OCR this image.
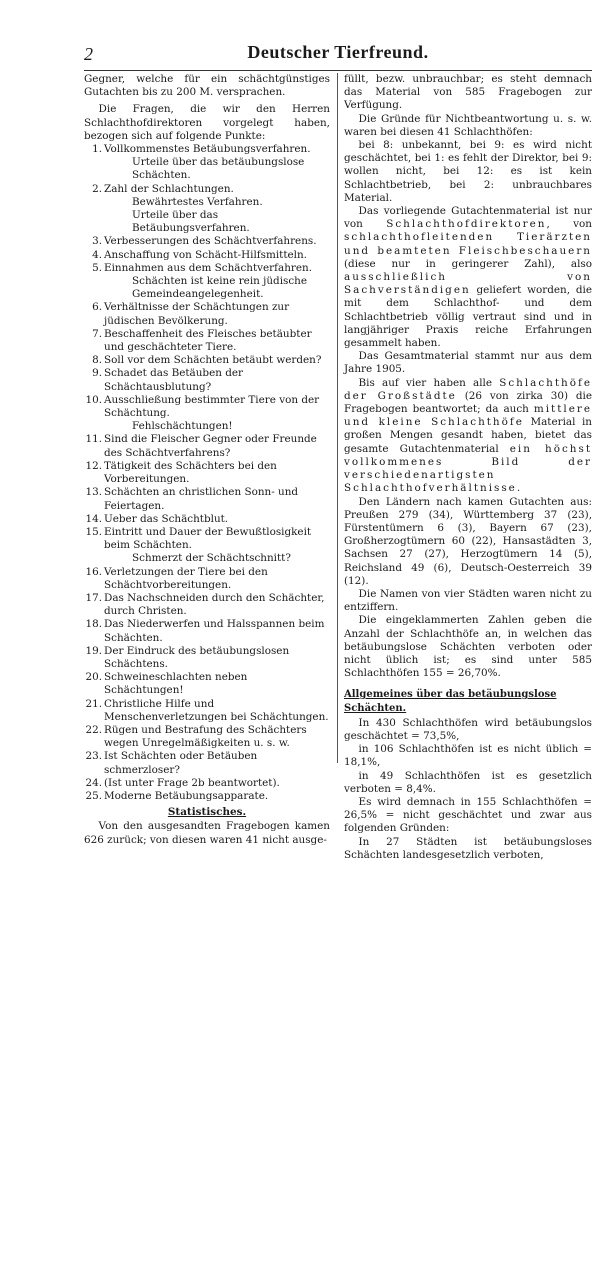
2	Deutscher Tierfreund.

Gegner, welche für ein schächtgünstiges Gutachten bis zu 200 M. versprachen.

Die Fragen, die wir den Herren Schlachthofdirektoren vorgelegt haben, bezogen sich auf folgende Punkte:

1. Vollkommenstes Betäubungsverfahren.
Urteile über das betäubungslose Schächten.
2. Zahl der Schlachtungen.
Bewährtestes Verfahren.
Urteile über das Betäubungsverfahren.
3. Verbesserungen des Schächtverfahrens.
4. Anschaffung von Schächt-Hilfsmitteln.
5. Einnahmen aus dem Schächtverfahren.
Schächten ist keine rein jüdische Gemeindeangelegenheit.
6. Verhältnisse der Schächtungen zur jüdischen Bevölkerung.
7. Beschaffenheit des Fleisches betäubter und geschächteter Tiere.
8. Soll vor dem Schächten betäubt werden?
9. Schadet das Betäuben der Schächtausblutung?
10. Ausschließung bestimmter Tiere von der Schächtung.
Fehlschächtungen!
11. Sind die Fleischer Gegner oder Freunde des Schächtverfahrens?
12. Tätigkeit des Schächters bei den Vorbereitungen.
13. Schächten an christlichen Sonn- und Feiertagen.
14. Ueber das Schächtblut.
15. Eintritt und Dauer der Bewußtlosigkeit beim Schächten.
Schmerzt der Schächtschnitt?
16. Verletzungen der Tiere bei den Schächtvorbereitungen.
17. Das Nachschneiden durch den Schächter, durch Christen.
18. Das Niederwerfen und Halsspannen beim Schächten.
19. Der Eindruck des betäubungslosen Schächtens.
20. Schweineschlachten neben Schächtungen!
21. Christliche Hilfe und Menschenverletzungen bei Schächtungen.
22. Rügen und Bestrafung des Schächters wegen Unregelmäßigkeiten u. s. w.
23. Ist Schächten oder Betäuben schmerzloser?
24. (Ist unter Frage 2b beantwortet).
25. Moderne Betäubungsapparate.
Statistisches.

Von den ausgesandten Fragebogen kamen 626 zurück; von diesen waren 41 nicht ausge-

füllt, bezw. unbrauchbar; es steht demnach das Material von 585 Fragebogen zur Verfügung.

Die Gründe für Nichtbeantwortung u. s. w. waren bei diesen 41 Schlachthöfen:

bei 8: unbekannt, bei 9: es wird nicht geschächtet, bei 1: es fehlt der Direktor, bei 9: wollen nicht, bei 12: es ist kein Schlachtbetrieb, bei 2: unbrauchbares Material.

Das vorliegende Gutachtenmaterial ist nur von Schlachthofdirektoren, von schlachthofleitenden Tierärzten und beamteten Fleischbeschauern (diese nur in geringerer Zahl), also ausschließlich von Sachverständigen geliefert worden, die mit dem Schlachthof- und dem Schlachtbetrieb völlig vertraut sind und in langjähriger Praxis reiche Erfahrungen gesammelt haben.

Das Gesamtmaterial stammt nur aus dem Jahre 1905.

Bis auf vier haben alle Schlachthöfe der Großstädte (26 von zirka 30) die Fragebogen beantwortet; da auch mittlere und kleine Schlachthöfe Material in großen Mengen gesandt haben, bietet das gesamte Gutachtenmaterial ein höchst vollkommenes Bild der verschiedenartigsten Schlachthofverhältnisse.

Den Ländern nach kamen Gutachten aus: Preußen 279 (34), Württemberg 37 (23), Fürstentümern 6 (3), Bayern 67 (23), Großherzogtümern 60 (22), Hansastädten 3, Sachsen 27 (27), Herzogtümern 14 (5), Reichsland 49 (6), Deutsch-Oesterreich 39 (12).

Die Namen von vier Städten waren nicht zu entziffern.

Die eingeklammerten Zahlen geben die Anzahl der Schlachthöfe an, in welchen das betäubungslose Schächten verboten oder nicht üblich ist; es sind unter 585 Schlachthöfen 155 = 26,70%.

Allgemeines über das betäubungslose Schächten.

In 430 Schlachthöfen wird betäubungslos geschächtet = 73,5%,

in 106 Schlachthöfen ist es nicht üblich = 18,1%,

in 49 Schlachthöfen ist es gesetzlich verboten = 8,4%.

Es wird demnach in 155 Schlachthöfen = 26,5% = nicht geschächtet und zwar aus folgenden Gründen:

In 27 Städten ist betäubungsloses Schächten landesgesetzlich verboten,
